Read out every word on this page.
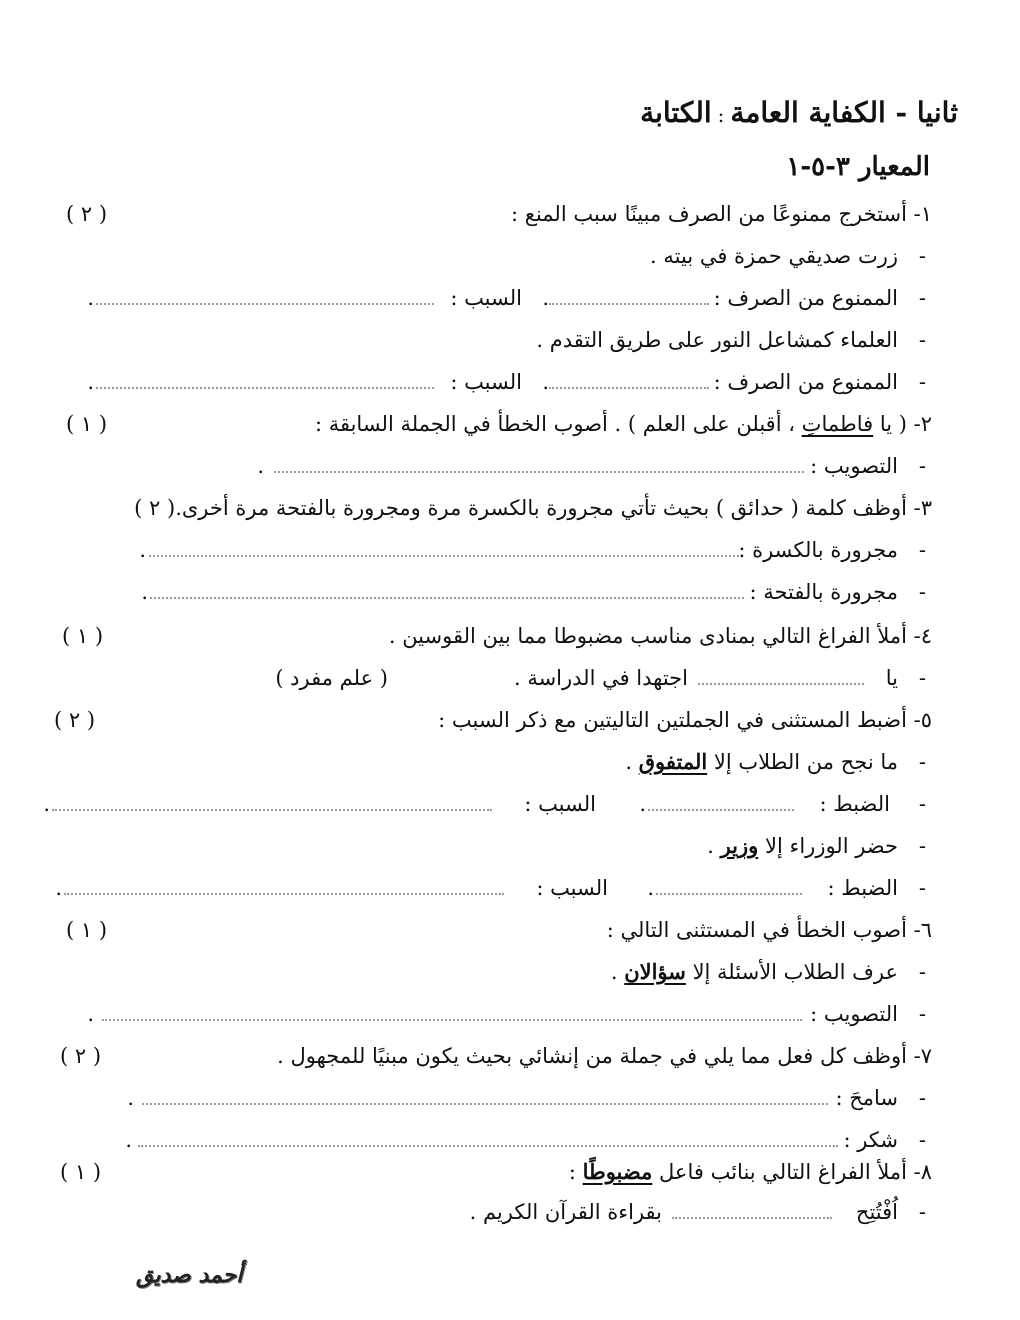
ثانيا - الكفاية العامة:الكتابة
المعيار ٣-٥-١
١- أستخرج ممنوعًا من الصرف مبينًا سبب المنع :
( ٢ )
-
زرت صديقي حمزة في بيته .
-
الممنوع من الصرف :
.
السبب :
.
-
العلماء كمشاعل النور على طريق التقدم .
-
الممنوع من الصرف :
.
السبب :
.
٢- ( يا فاطماتِ ، أقبلن على العلم ) . أصوب الخطأ في الجملة السابقة :
( ١ )
-
التصويب :
.
٣- أوظف كلمة ( حدائق ) بحيث تأتي مجرورة بالكسرة مرة ومجرورة بالفتحة مرة أخرى.( ٢ )
-
مجرورة بالكسرة :
.
-
مجرورة بالفتحة :
.
٤- أملأ الفراغ التالي بمنادى مناسب مضبوطا مما بين القوسين .
( ١ )
-
يا
اجتهدا في الدراسة .
( علم مفرد )
٥- أضبط المستثنى في الجملتين التاليتين مع ذكر السبب :
( ٢ )
-
ما نجح من الطلاب إلا المتفوق .
-
الضبط :
.
السبب :
.
-
حضر الوزراء إلا وزير .
-
الضبط :
.
السبب :
.
٦- أصوب الخطأ في المستثنى التالي :
( ١ )
-
عرف الطلاب الأسئلة إلا سؤالان .
-
التصويب :
.
٧- أوظف كل فعل مما يلي في جملة من إنشائي بحيث يكون مبنيًا للمجهول .
( ٢ )
-
سامحَ :
.
-
شكر :
.
٨- أملأ الفراغ التالي بنائب فاعل مضبوطًا :
( ١ )
-
اُفْتُتِح
بقراءة القرآن الكريم .
أحمد صديق
